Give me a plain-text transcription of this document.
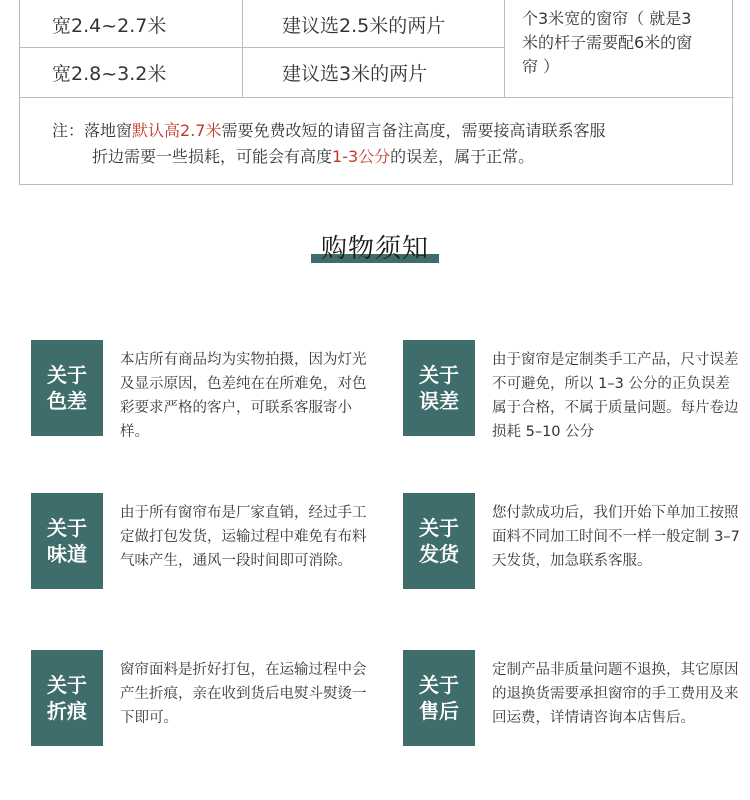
宽2.4~2.7米	建议选2.5米的两片
宽2.8~3.2米	建议选3米的两片
个3米宽的窗帘（ 就是3
米的杆子需要配6米的窗
帘 ）
注：落地窗默认高2.7米需要免费改短的请留言备注高度，需要接高请联系客服
折边需要一些损耗，可能会有高度1-3公分的误差，属于正常。
购物须知
关于
色差
本店所有商品均为实物拍摄，因为灯光及显示原因，色差纯在在所难免，对色彩要求严格的客户，可联系客服寄小样。
关于
误差
由于窗帘是定制类手工产品，尺寸误差不可避免，所以 1–3 公分的正负误差属于合格，不属于质量问题。每片卷边损耗 5–10 公分
关于
味道
由于所有窗帘布是厂家直销，经过手工定做打包发货，运输过程中难免有布料气味产生，通风一段时间即可消除。
关于
发货
您付款成功后，我们开始下单加工按照面料不同加工时间不一样一般定制 3–7 天发货，加急联系客服。
关于
折痕
窗帘面料是折好打包，在运输过程中会产生折痕，亲在收到货后电熨斗熨烫一下即可。
关于
售后
定制产品非质量问题不退换，其它原因的退换货需要承担窗帘的手工费用及来回运费，详情请咨询本店售后。
